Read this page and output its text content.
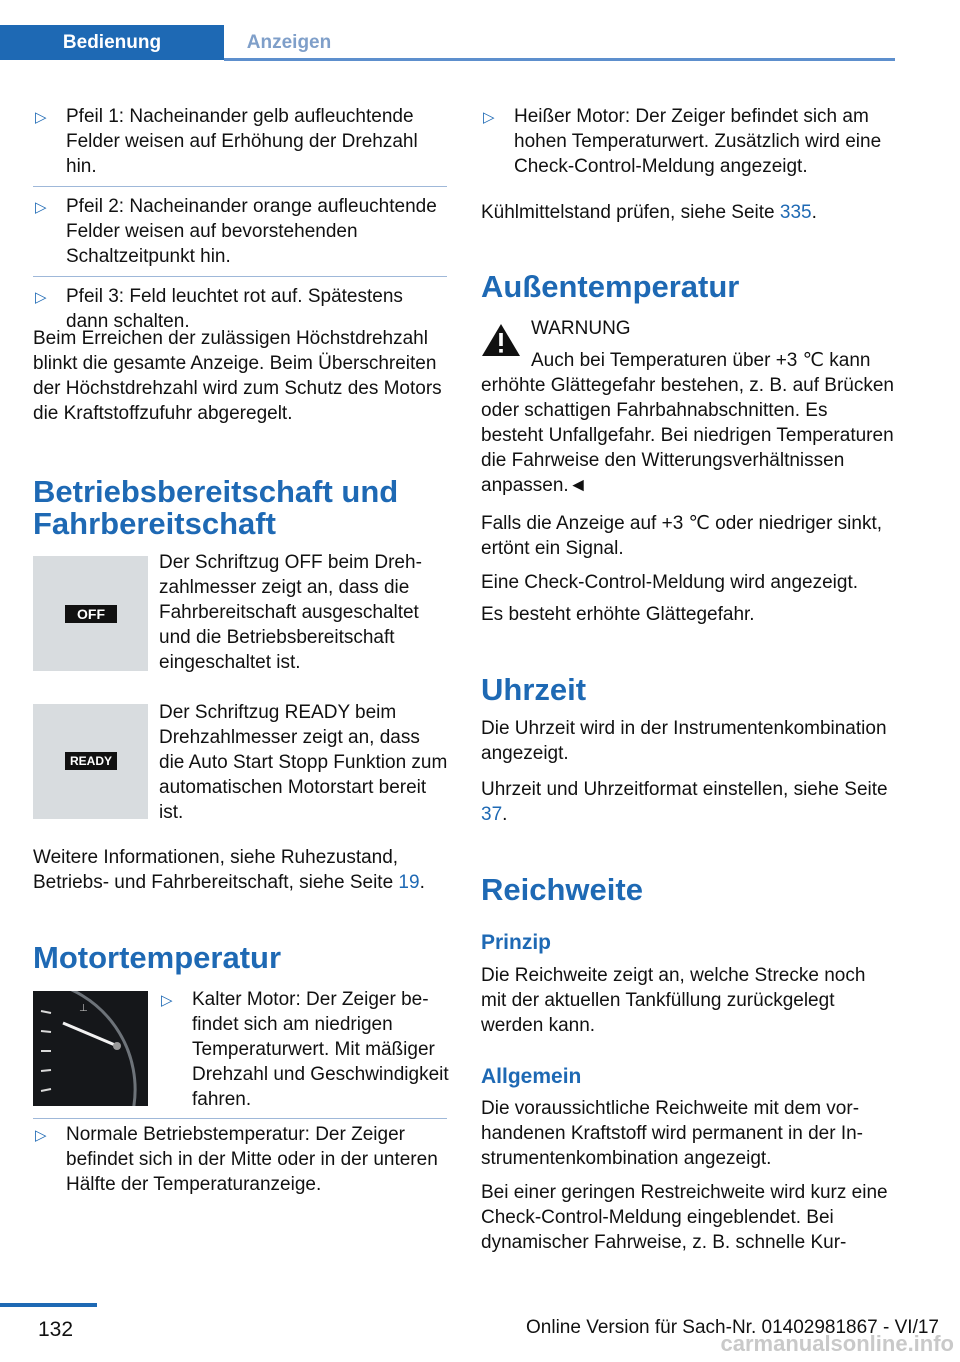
Bedienung	Anzeigen
▷ Pfeil 1: Nacheinander gelb aufleuchtende Felder weisen auf Erhöhung der Drehzahl hin.
▷ Pfeil 2: Nacheinander orange aufleuchtende Felder weisen auf bevorstehenden Schaltzeitpunkt hin.
▷ Pfeil 3: Feld leuchtet rot auf. Spätestens dann schalten.

Beim Erreichen der zulässigen Höchstdrehzahl blinkt die gesamte Anzeige. Beim Überschreiten der Höchstdrehzahl wird zum Schutz des Motors die Kraftstoffzufuhr abgeregelt.

Betriebsbereitschaft und
Fahrbereitschaft
OFF
Der Schriftzug OFF beim Drehzahlmesser zeigt an, dass die Fahrbereitschaft ausgeschaltet und die Betriebsbereitschaft eingeschaltet ist.
READY
Der Schriftzug READY beim Drehzahlmesser zeigt an, dass die Auto Start Stopp Funktion zum automatischen Motorstart bereit ist.

Weitere Informationen, siehe Ruhezustand, Betriebs- und Fahrbereitschaft, siehe Seite 19.

Motortemperatur
⊥	▷ Kalter Motor: Der Zeiger befindet sich am niedrigen Temperaturwert. Mit mäßiger Drehzahl und Geschwindigkeit fahren.
▷ Normale Betriebstemperatur: Der Zeiger befindet sich in der Mitte oder in der unteren Hälfte der Temperaturanzeige.
▷ Heißer Motor: Der Zeiger befindet sich am hohen Temperaturwert. Zusätzlich wird eine Check-Control-Meldung angezeigt.

Kühlmittelstand prüfen, siehe Seite 335.

Außentemperatur
WARNUNG
Auch bei Temperaturen über +3 ℃ kann erhöhte Glättegefahr bestehen, z. B. auf Brücken oder schattigen Fahrbahnabschnitten. Es besteht Unfallgefahr. Bei niedrigen Temperaturen die Fahrweise den Witterungsverhältnissen anpassen.◄

Falls die Anzeige auf +3 ℃ oder niedriger sinkt, ertönt ein Signal.

Eine Check-Control-Meldung wird angezeigt.

Es besteht erhöhte Glättegefahr.

Uhrzeit

Die Uhrzeit wird in der Instrumentenkombination angezeigt.

Uhrzeit und Uhrzeitformat einstellen, siehe Seite 37.

Reichweite
Prinzip

Die Reichweite zeigt an, welche Strecke noch mit der aktuellen Tankfüllung zurückgelegt werden kann.

Allgemein

Die voraussichtliche Reichweite mit dem vorhandenen Kraftstoff wird permanent in der Instrumentenkombination angezeigt.

Bei einer geringen Restreichweite wird kurz eine Check-Control-Meldung eingeblendet. Bei dynamischer Fahrweise, z. B. schnelle Kur-

132	Online Version für Sach-Nr. 01402981867 - VI/17
carmanualsonline.info
